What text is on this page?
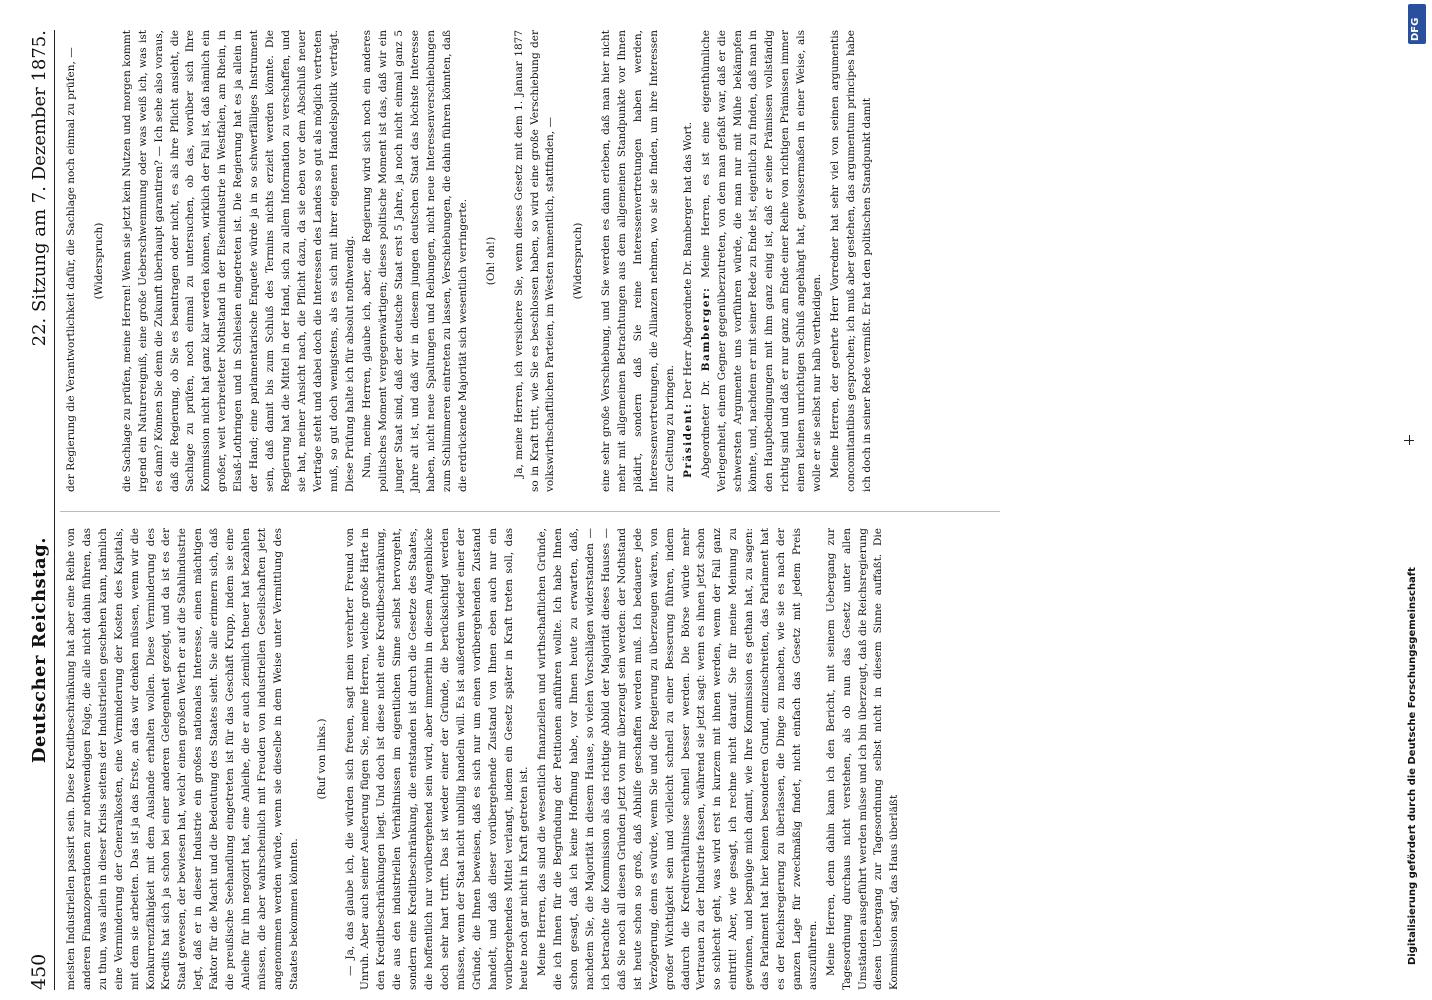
450
Deutscher Reichstag.
22. Sitzung am 7. Dezember 1875.

meisten Industriellen passirt sein. Diese Kreditbeschränkung hat aber eine Reihe von anderen Finanzoperationen zur nothwendigen Folge, die alle nicht dahin führen, das zu thun, was allein in dieser Krisis seitens der Industriellen geschehen kann, nämlich eine Verminderung der Generalkosten, eine Verminderung der Kosten des Kapitals, mit dem sie arbeiten. Das ist ja das Erste, an das wir denken müssen, wenn wir die Konkurrenzfähigkeit mit dem Auslande erhalten wollen. Diese Verminderung des Kredits hat sich ja schon bei einer anderen Gelegenheit gezeigt, und da ist es der Staat gewesen, der bewiesen hat, welch' einen großen Werth er auf die Stahlindustrie legt, daß er in dieser Industrie ein großes nationales Interesse, einen mächtigen Faktor für die Macht und die Bedeutung des Staates sieht. Sie alle erinnern sich, daß die preußische Seehandlung eingetreten ist für das Geschäft Krupp, indem sie eine Anleihe für ihn negozirt hat, eine Anleihe, die er auch ziemlich theuer hat bezahlen müssen, die aber wahrscheinlich mit Freuden von industriellen Gesellschaften jetzt angenommen werden würde, wenn sie dieselbe in dem Weise unter Vermittlung des Staates bekommen könnten.

(Ruf von links.) — Ja, das glaube ich, die würden sich freuen, sagt mein verehrter Freund von Unruh. Aber auch seiner Aeußerung fügen Sie, meine Herren, welche große Härte in den Kreditbeschränkungen liegt. Und doch ist diese nicht eine Kreditbeschränkung, die aus den industriellen Verhältnissen im eigentlichen Sinne selbst hervorgeht, sondern eine Kreditbeschränkung, die entstanden ist durch die Gesetze des Staates, die hoffentlich nur vorübergehend sein wird, aber immerhin in diesem Augenblicke doch sehr hart trifft. Das ist wieder einer der Gründe, die berücksichtigt werden müssen, wenn der Staat nicht unbillig handeln will. Es ist außerdem wieder einer der Gründe, die Ihnen beweisen, daß es sich nur um einen vorübergehenden Zustand handelt, und daß dieser vorübergehende Zustand von Ihnen eben auch nur ein vorübergehendes Mittel verlangt, indem ein Gesetz später in Kraft treten soll, das heute noch gar nicht in Kraft getreten ist. Meine Herren, das sind die wesentlich finanziellen und wirthschaftlichen Gründe, die ich Ihnen für die Begründung der Petitionen anführen wollte. Ich habe Ihnen schon gesagt, daß ich keine Hoffnung habe, vor Ihnen heute zu erwarten, daß, nachdem Sie, die Majorität in diesem Hause, so vielen Vorschlägen widerstanden — ich betrachte die Kommission als das richtige Abbild der Majorität dieses Hauses — daß Sie noch all diesen Gründen jetzt von mir überzeugt sein werden: der Nothstand ist heute schon so groß, daß Abhilfe geschaffen werden muß. Ich bedauere jede Verzögerung, denn es würde, wenn Sie und die Regierung zu überzeugen wären, von großer Wichtigkeit sein und vielleicht schnell zu einer Besserung führen, indem dadurch die Kreditverhältnisse schnell besser werden. Die Börse würde mehr Vertrauen zu der Industrie fassen, während sie jetzt sagt: wenn es ihnen jetzt schon so schlecht geht, was wird erst in kurzem mit ihnen werden, wenn der Fall ganz eintritt! Aber, wie gesagt, ich rechne nicht darauf. Sie für meine Meinung zu gewinnen, und begnüge mich damit, wie Ihre Kommission es gethan hat, zu sagen: das Parlament hat hier keinen besonderen Grund, einzuschreiten, das Parlament hat es der Reichsregierung zu überlassen, die Dinge zu machen, wie sie es nach der ganzen Lage für zweckmäßig findet, nicht einfach das Gesetz mit jedem Preis auszuführen. Meine Herren, denn dahin kann ich den Bericht, mit seinem Uebergang zur Tagesordnung durchaus nicht verstehen, als ob nun das Gesetz unter allen Umständen ausgeführt werden müsse und ich bin überzeugt, daß die Reichsregierung diesen Uebergang zur Tagesordnung selbst nicht in diesem Sinne auffaßt. Die Kommission sagt, das Haus überläßt

der Regierung die Verantwortlichkeit dafür, die Sachlage noch einmal zu prüfen, — (Widerspruch) die Sachlage zu prüfen, meine Herren! Wenn sie jetzt kein Nutzen und morgen kommt irgend ein Naturereigniß, eine große Ueberschwemmung oder was weiß ich, was ist es dann? Können Sie denn die Zukunft überhaupt garantiren? — Ich sehe also voraus, daß die Regierung, ob Sie es beantragen oder nicht, es als ihre Pflicht ansieht, die Sachlage zu prüfen, noch einmal zu untersuchen, ob das, worüber sich Ihre Kommission nicht hat ganz klar werden können, wirklich der Fall ist, daß nämlich ein großer, weit verbreiteter Nothstand in der Eisenindustrie in Westfalen, am Rhein, in Elsaß-Lothringen und in Schlesien eingetreten ist. Die Regierung hat es ja allein in der Hand; eine parlamentarische Enquete würde ja in so schwerfälliges Instrument sein, daß damit bis zum Schluß des Termins nichts erzielt werden könnte. Die Regierung hat die Mittel in der Hand, sich zu allem Information zu verschaffen, und sie hat, meiner Ansicht nach, die Pflicht dazu, da sie eben vor dem Abschluß neuer Verträge steht und dabei doch die Interessen des Landes so gut als möglich vertreten muß, so gut doch wenigstens, als es sich mit ihrer eigenen Handelspolitik verträgt. Diese Prüfung halte ich für absolut nothwendig. Nun, meine Herren, glaube ich, aber, die Regierung wird sich noch ein anderes politisches Moment vergegenwärtigen; dieses politische Moment ist das, daß wir ein junger Staat sind, daß der deutsche Staat erst 5 Jahre, ja noch nicht einmal ganz 5 Jahre alt ist, und daß wir in diesem jungen deutschen Staat das höchste Interesse haben, nicht neue Spaltungen und Reibungen, nicht neue Interessenverschiebungen zum Schlimmeren eintreten zu lassen, Verschiebungen, die dahin führen könnten, daß die erdrückende Majorität sich wesentlich verringerte. (Oh! oh!) Ja, meine Herren, ich versichere Sie, wenn dieses Gesetz mit dem 1. Januar 1877 so in Kraft tritt, wie Sie es beschlossen haben, so wird eine große Verschiebung der volkswirthschaftlichen Parteien, im Westen namentlich, stattfinden, — (Widerspruch) eine sehr große Verschiebung, und Sie werden es dann erleben, daß man hier nicht mehr mit allgemeinen Betrachtungen aus dem allgemeinen Standpunkte vor Ihnen plädirt, sondern daß Sie reine Interessenvertretungen haben werden, Interessenvertretungen, die Allianzen nehmen, wo sie sie finden, um ihre Interessen zur Geltung zu bringen. Präsident: Der Herr Abgeordnete Dr. Bamberger hat das Wort.

Abgeordneter Dr. Bamberger: Meine Herren, es ist eine eigenthümliche Verlegenheit, einem Gegner gegenüberzutreten, von dem man gefaßt war, daß er die schwersten Argumente uns vorführen würde, die man nur mit Mühe bekämpfen könnte, und, nachdem er mit seiner Rede zu Ende ist, eigentlich zu finden, daß man in den Hauptbedingungen mit ihm ganz einig ist, daß er seine Prämissen vollständig richtig sind und daß er nur ganz am Ende einer Reihe von richtigen Prämissen immer einen kleinen unrichtigen Schluß angehängt hat, gewissermaßen in einer Weise, als wolle er sie selbst nur halb vertheidigen. Meine Herren, der geehrte Herr Vorredner hat sehr viel von seinen argumentis concomitantibus gesprochen; ich muß aber gestehen, das argumentum principes habe ich doch in seiner Rede vermißt. Er hat den politischen Standpunkt damit

DFG
Digitalisierung gefördert durch die Deutsche Forschungsgemeinschaft
